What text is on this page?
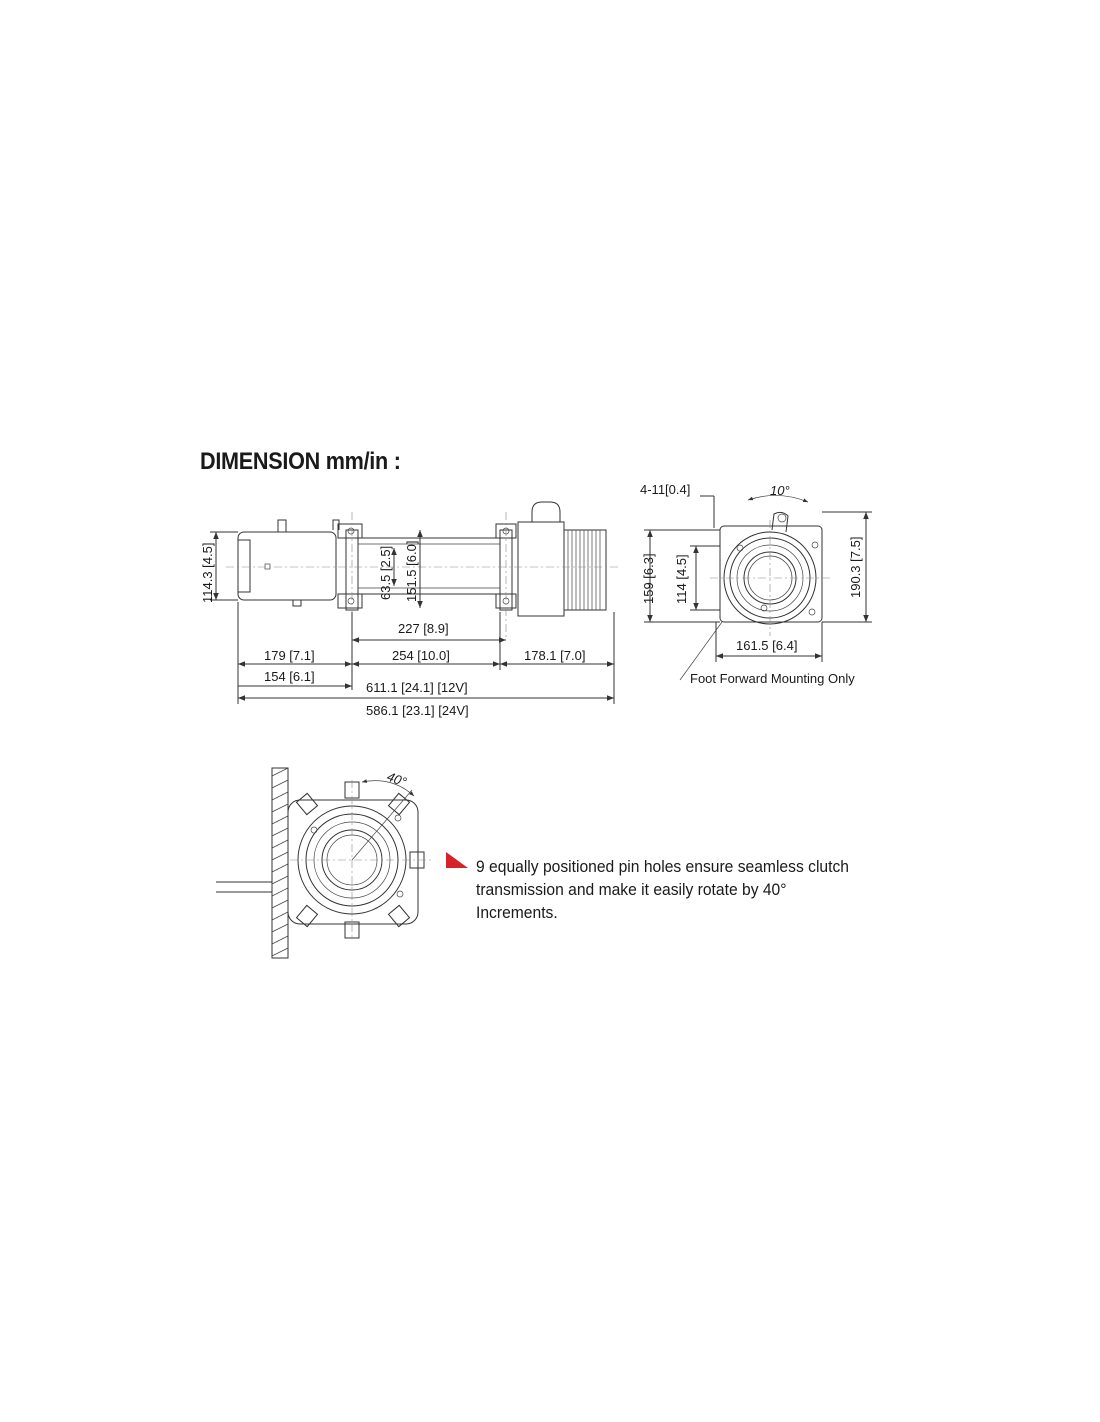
DIMENSION mm/in :
114.3 [4.5]	63.5 [2.5] 151.5 [6.0]
227 [8.9]
179 [7.1]	254 [10.0]	178.1 [7.0]
154 [6.1]
611.1 [24.1] [12V]
586.1 [23.1] [24V]
4-11[0.4]	10°
159 [6.3] 114 [4.5]	190.3 [7.5]
161.5 [6.4]
Foot Forward Mounting Only
40°
9 equally positioned pin holes ensure seamless clutch transmission and make it easily rotate by 40° Increments.
